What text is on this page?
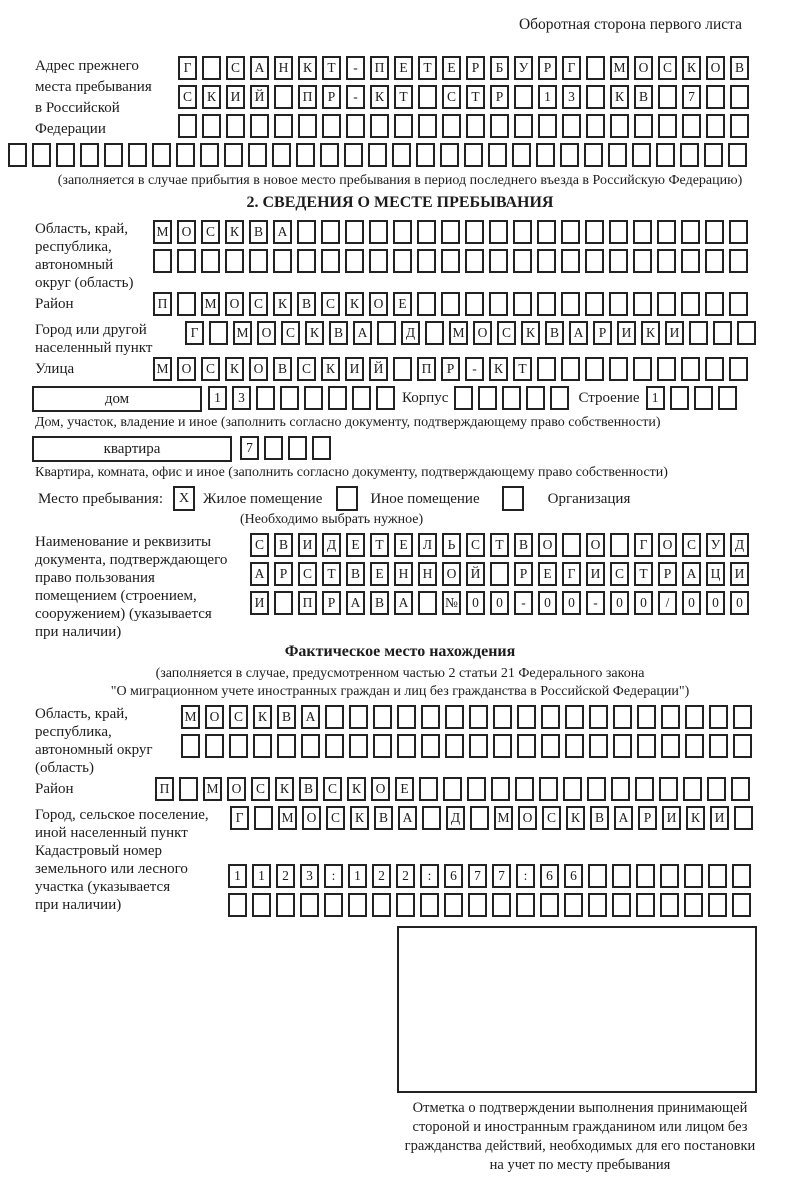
Оборотная сторона первого листа
Адрес прежнего
места пребывания
в Российской
Федерации
Г	С	А	Н	К	Т	-	П	Е	Т	Е	Р	Б	У	Р	Г	М О	С	К	О	В
С	К	И	Й	П	Р	-	К	Т	С	Т	Р	1	3	К	В	7
(заполняется в случае прибытия в новое место пребывания в период последнего въезда в Российскую Федерацию)
2. СВЕДЕНИЯ О МЕСТЕ ПРЕБЫВАНИЯ
Область, край,
республика,
автономный
округ (область)
М О	С	К	В	А
Район	П	М О	С	К	В	С	К	О	Е
Город или другой
населенный пункт
Г	М О	С	К	В	А	Д	М О	С	К	В	А	Р	И	К	И
Улица	М О	С	К	О	В	С	К	И	Й	П	Р	-	К	Т
дом	1	3	Корпус	Строение 1
Дом, участок, владение и иное (заполнить согласно документу, подтверждающему право собственности)
квартира	7
Квартира, комната, офис и иное (заполнить согласно документу, подтверждающему право собственности)
Место пребывания:	X Жилое помещение	Иное помещение	Организация
(Необходимо выбрать нужное)
Наименование и реквизиты
документа, подтверждающего
право пользования
помещением (строением,
сооружением) (указывается
при наличии)
С	В	И	Д	Е	Т	Е	Л	Ь	С	Т	В	О	О	Г	О	С	У	Д
А	Р	С	Т	В	Е	Н	Н	О	Й	Р	Е	Г	И	С	Т	Р	А	Ц	И
И	П	Р	А	В	А	№	0	0	-	0	0	-	0	0	/	0	0	0
Фактическое место нахождения
(заполняется в случае, предусмотренном частью 2 статьи 21 Федерального закона
"О миграционном учете иностранных граждан и лиц без гражданства в Российской Федерации")
Область, край,
республика,
автономный округ
(область)
М О	С	К	В	А
Район	П	М О	С	К	В	С	К	О	Е
Город, сельское поселение,
иной населенный пункт
Г	М О	С	К	В	А	Д	М О	С	К	В	А	Р	И	К	И
Кадастровый номер
земельного или лесного
участка (указывается
при наличии)
1	1	2	3	:	1	2	2	:	6	7	7	:	6	6
Отметка о подтверждении выполнения принимающей
стороной и иностранным гражданином или лицом без
гражданства действий, необходимых для его постановки
на учет по месту пребывания
